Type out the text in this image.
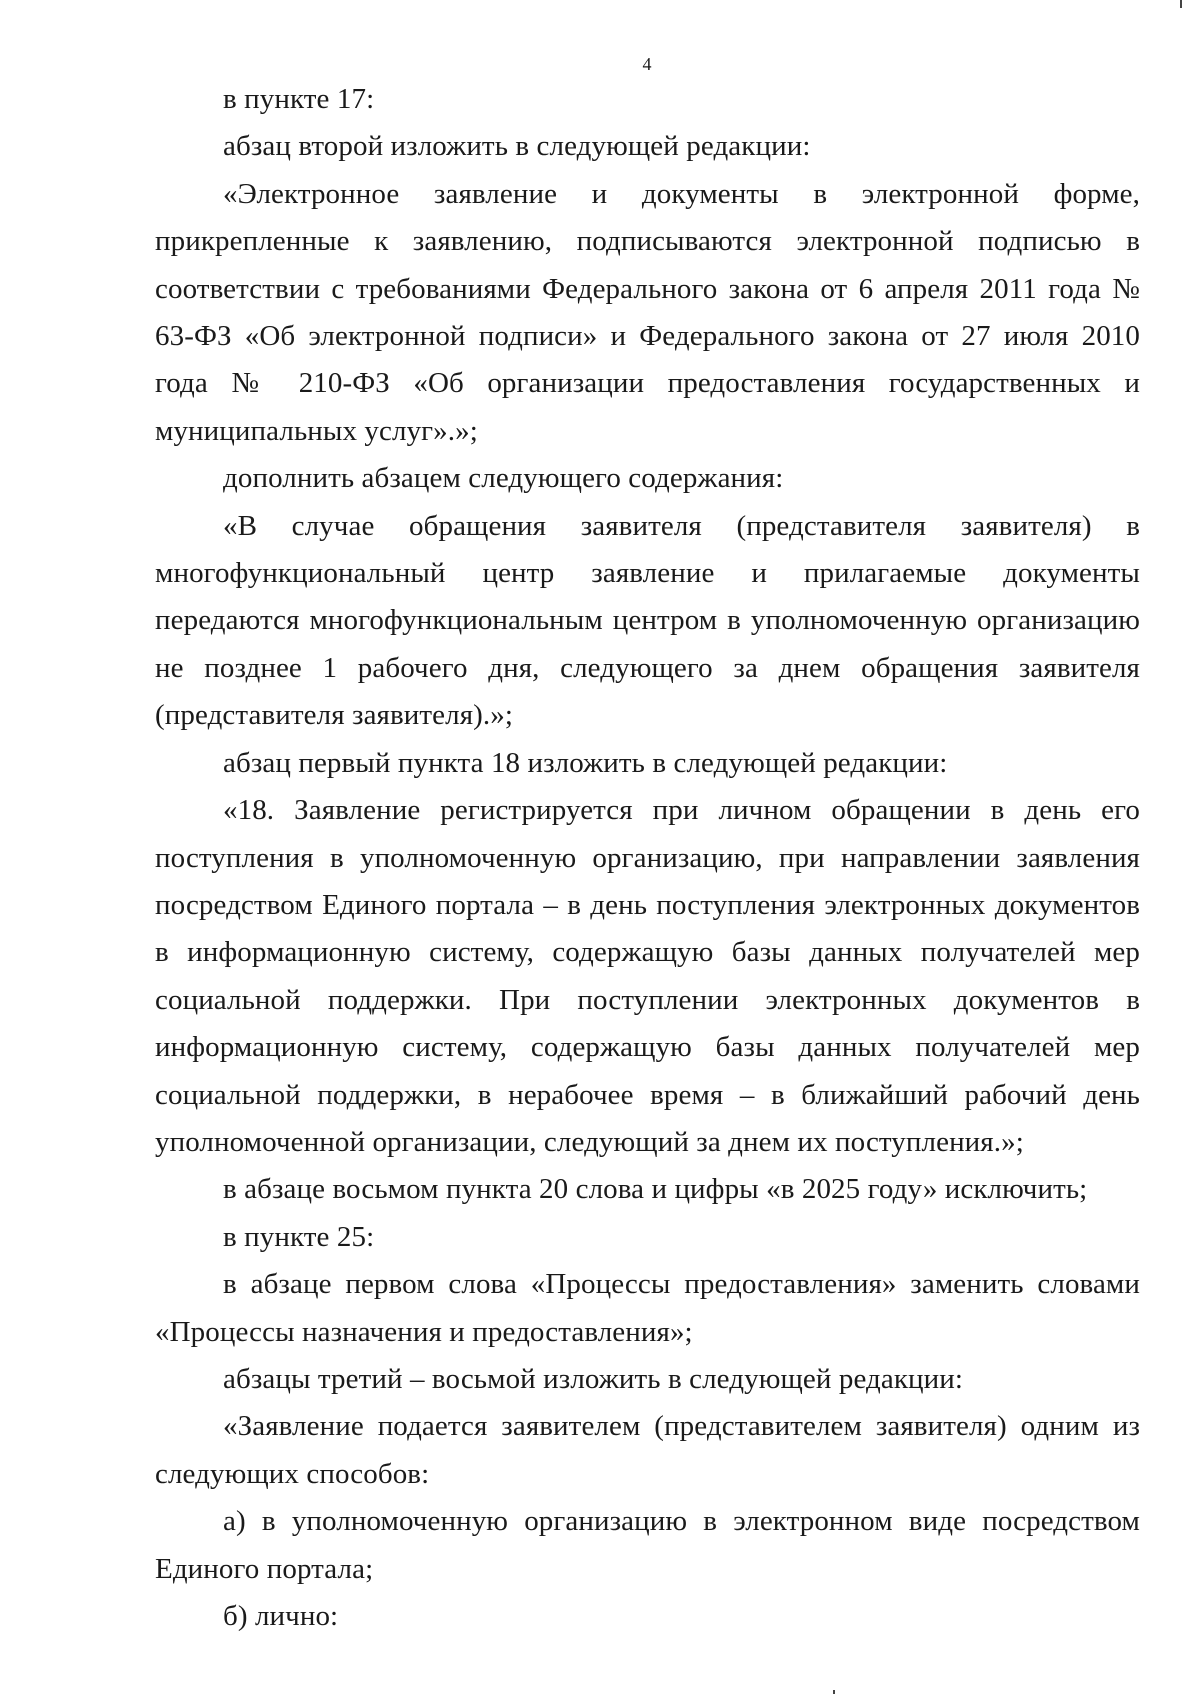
4

в пункте 17:

абзац второй изложить в следующей редакции:

«Электронное заявление и документы в электронной форме, прикрепленные к заявлению, подписываются электронной подписью в соответствии с требованиями Федерального закона от 6 апреля 2011 года № 63-ФЗ «Об электронной подписи» и Федерального закона от 27 июля 2010 года № 210-ФЗ «Об организации предоставления государственных и муниципальных услуг».»;

дополнить абзацем следующего содержания:

«В случае обращения заявителя (представителя заявителя) в многофункциональный центр заявление и прилагаемые документы передаются многофункциональным центром в уполномоченную организацию не позднее 1 рабочего дня, следующего за днем обращения заявителя (представителя заявителя).»;

абзац первый пункта 18 изложить в следующей редакции:

«18. Заявление регистрируется при личном обращении в день его поступления в уполномоченную организацию, при направлении заявления посредством Единого портала – в день поступления электронных документов в информационную систему, содержащую базы данных получателей мер социальной поддержки. При поступлении электронных документов в информационную систему, содержащую базы данных получателей мер социальной поддержки, в нерабочее время – в ближайший рабочий день уполномоченной организации, следующий за днем их поступления.»;

в абзаце восьмом пункта 20 слова и цифры «в 2025 году» исключить;

в пункте 25:

в абзаце первом слова «Процессы предоставления» заменить словами «Процессы назначения и предоставления»;

абзацы третий – восьмой изложить в следующей редакции:

«Заявление подается заявителем (представителем заявителя) одним из следующих способов:

а) в уполномоченную организацию в электронном виде посредством Единого портала;

б) лично:
